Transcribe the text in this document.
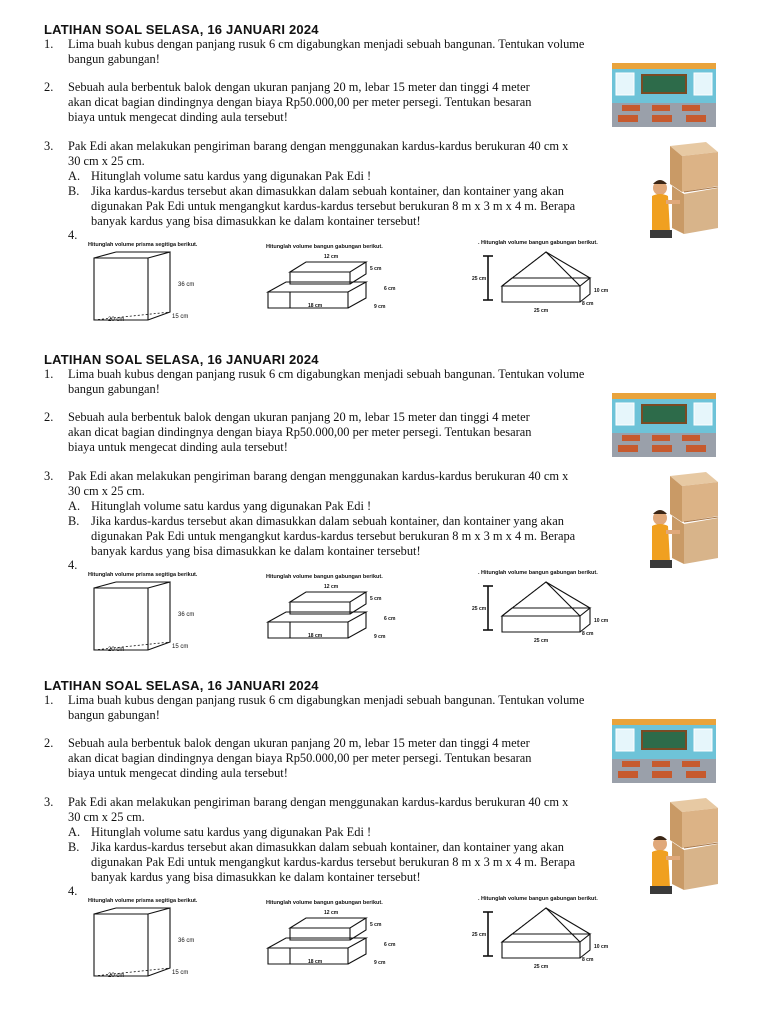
LATIHAN SOAL SELASA, 16 JANUARI 2024
1. Lima buah kubus dengan panjang rusuk 6 cm digabungkan menjadi sebuah bangunan. Tentukan volume
bangun gabungan!
2. Sebuah aula berbentuk balok dengan ukuran panjang 20 m, lebar 15 meter dan tinggi 4 meter
akan dicat bagian dindingnya dengan biaya Rp50.000,00 per meter persegi. Tentukan besaran
biaya untuk mengecat dinding aula tersebut!
3. Pak Edi akan melakukan pengiriman barang dengan menggunakan kardus-kardus berukuran 40 cm x
30 cm x 25 cm.
A. Hitunglah volume satu kardus yang digunakan Pak Edi !
B. Jika kardus-kardus tersebut akan dimasukkan dalam sebuah kontainer, dan kontainer yang akan
digunakan Pak Edi untuk mengangkut kardus-kardus tersebut berukuran 8 m x 3 m x 4 m. Berapa
banyak kardus yang bisa dimasukkan ke dalam kontainer tersebut!
4.
Hitunglah volume prisma segitiga berikut.
36 cm
20 cm	15 cm
Hitunglah volume bangun gabungan berikut.
12 cm
5 cm
6 cm
18 cm	9 cm
. Hitunglah volume bangun gabungan berikut.
25 cm
10 cm
25 cm
8 cm
LATIHAN SOAL SELASA, 16 JANUARI 2024
1. Lima buah kubus dengan panjang rusuk 6 cm digabungkan menjadi sebuah bangunan. Tentukan volume
bangun gabungan!
2. Sebuah aula berbentuk balok dengan ukuran panjang 20 m, lebar 15 meter dan tinggi 4 meter
akan dicat bagian dindingnya dengan biaya Rp50.000,00 per meter persegi. Tentukan besaran
biaya untuk mengecat dinding aula tersebut!
3. Pak Edi akan melakukan pengiriman barang dengan menggunakan kardus-kardus berukuran 40 cm x
30 cm x 25 cm.
A. Hitunglah volume satu kardus yang digunakan Pak Edi !
B. Jika kardus-kardus tersebut akan dimasukkan dalam sebuah kontainer, dan kontainer yang akan
digunakan Pak Edi untuk mengangkut kardus-kardus tersebut berukuran 8 m x 3 m x 4 m. Berapa
banyak kardus yang bisa dimasukkan ke dalam kontainer tersebut!
4.
Hitunglah volume prisma segitiga berikut.
36 cm
20 cm	15 cm
Hitunglah volume bangun gabungan berikut.
12 cm
5 cm
6 cm
18 cm	9 cm
. Hitunglah volume bangun gabungan berikut.
25 cm
10 cm
25 cm
8 cm
LATIHAN SOAL SELASA, 16 JANUARI 2024
1. Lima buah kubus dengan panjang rusuk 6 cm digabungkan menjadi sebuah bangunan. Tentukan volume
bangun gabungan!
2. Sebuah aula berbentuk balok dengan ukuran panjang 20 m, lebar 15 meter dan tinggi 4 meter
akan dicat bagian dindingnya dengan biaya Rp50.000,00 per meter persegi. Tentukan besaran
biaya untuk mengecat dinding aula tersebut!
3. Pak Edi akan melakukan pengiriman barang dengan menggunakan kardus-kardus berukuran 40 cm x
30 cm x 25 cm.
A. Hitunglah volume satu kardus yang digunakan Pak Edi !
B. Jika kardus-kardus tersebut akan dimasukkan dalam sebuah kontainer, dan kontainer yang akan
digunakan Pak Edi untuk mengangkut kardus-kardus tersebut berukuran 8 m x 3 m x 4 m. Berapa
banyak kardus yang bisa dimasukkan ke dalam kontainer tersebut!
4.
Hitunglah volume prisma segitiga berikut.
36 cm
20 cm	15 cm
Hitunglah volume bangun gabungan berikut.
12 cm
5 cm
6 cm
18 cm	9 cm
. Hitunglah volume bangun gabungan berikut.
25 cm
10 cm
25 cm
8 cm
